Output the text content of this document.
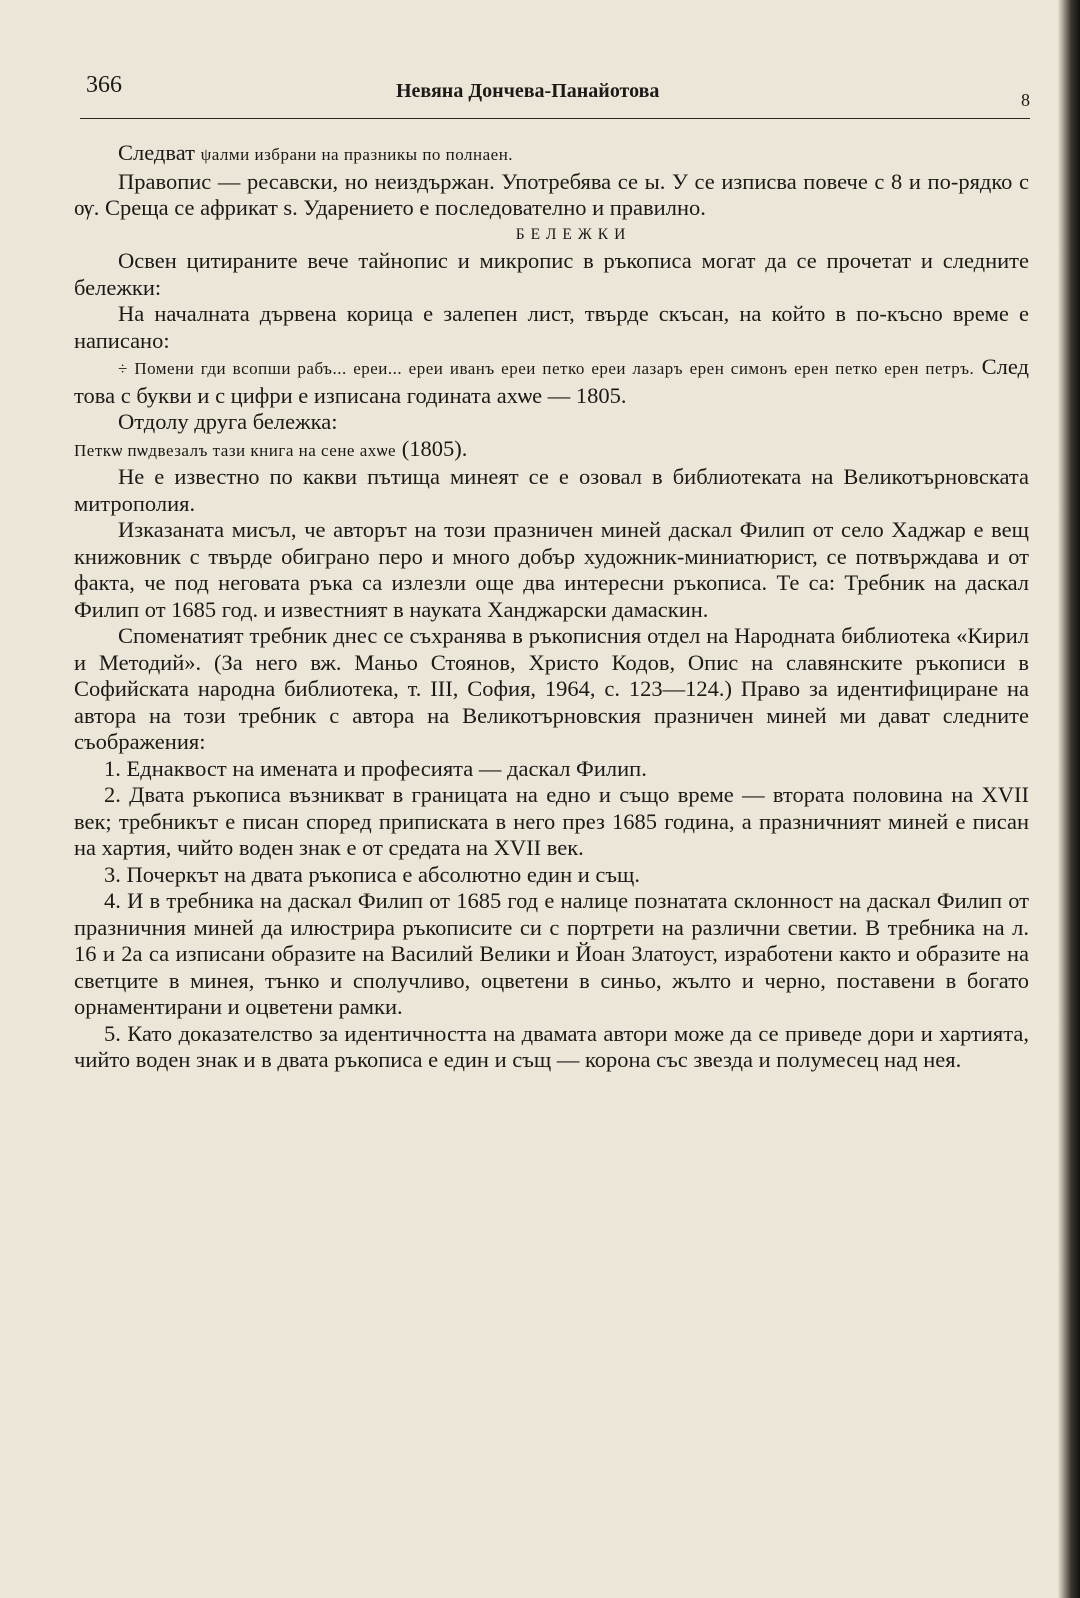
366	Невяна Дончева-Панайотова	8

Следват ψалми избрани на празникы по полнаен.

Правопис — ресавски, но неиздържан. Употребява се ы. У се изписва повече с 8 и по-рядко с ѹ. Среща се африкат ѕ. Ударението е последователно и правилно.

БЕЛЕЖКИ

Освен цитираните вече тайнопис и микропис в ръкописа могат да се прочетат и следните бележки:

На началната дървена корица е залепен лист, твърде скъсан, на който в по-късно време е написано:

÷ Помени гди всопши рабъ... ереи... ереи иванъ ереи петко ереи лазаръ ерен симонъ ерен петко ерен петръ. След това с букви и с цифри е изписана годината ахѡе — 1805.

Отдолу друга бележка:

Петкѡ пѡдвезалъ тази книга на сене ахѡе (1805).

Не е известно по какви пътища минеят се е озовал в библиотеката на Великотърновската митрополия.

Изказаната мисъл, че авторът на този празничен миней даскал Филип от село Хаджар е вещ книжовник с твърде обиграно перо и много добър художник-миниатюрист, се потвърждава и от факта, че под неговата ръка са излезли още два интересни ръкописа. Те са: Требник на даскал Филип от 1685 год. и известният в науката Ханджарски дамаскин.

Споменатият требник днес се съхранява в ръкописния отдел на Народната библиотека «Кирил и Методий». (За него вж. Маньо Стоянов, Христо Кодов, Опис на славянските ръкописи в Софийската народна библиотека, т. III, София, 1964, с. 123—124.) Право за идентифициране на автора на този требник с автора на Великотърновския празничен миней ми дават следните съображения:

1. Еднаквост на имената и професията — даскал Филип.

2. Двата ръкописа възникват в границата на едно и също време — втората половина на XVII век; требникът е писан според приписката в него през 1685 година, а празничният миней е писан на хартия, чийто воден знак е от средата на XVII век.

3. Почеркът на двата ръкописа е абсолютно един и същ.

4. И в требника на даскал Филип от 1685 год е налице познатата склонност на даскал Филип от празничния миней да илюстрира ръкописите си с портрети на различни светии. В требника на л. 16 и 2а са изписани образите на Василий Велики и Йоан Златоуст, изработени както и образите на светците в минея, тънко и сполучливо, оцветени в синьо, жълто и черно, поставени в богато орнаментирани и оцветени рамки.

5. Като доказателство за идентичността на двамата автори може да се приведе дори и хартията, чийто воден знак и в двата ръкописа е един и същ — корона със звезда и полумесец над нея.
